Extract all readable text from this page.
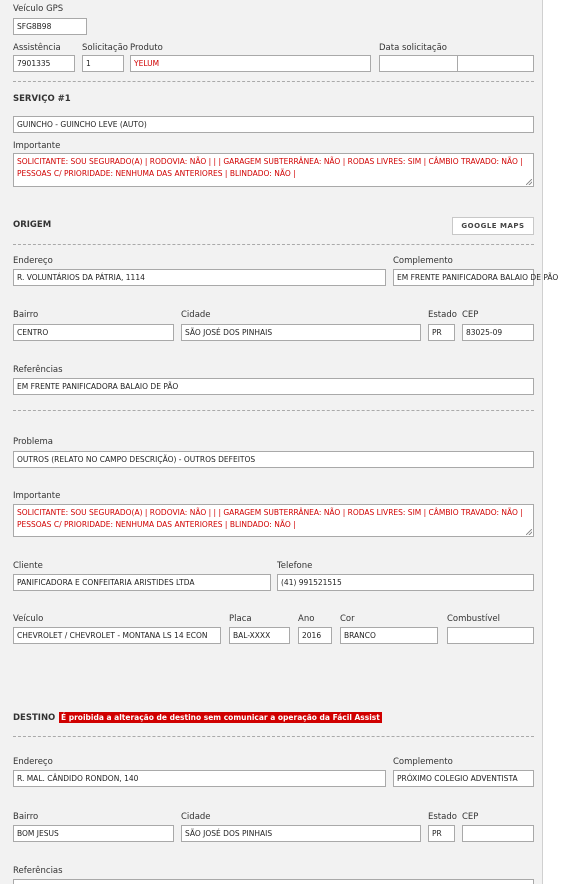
Veículo GPS
SFG8B98
Assistência
7901335
Solicitação
1
Produto
YELUM
Data solicitação
SERVIÇO #1
GUINCHO - GUINCHO LEVE (AUTO)
Importante
SOLICITANTE: SOU SEGURADO(A) | RODOVIA: NÃO | | | GARAGEM SUBTERRÂNEA: NÃO | RODAS LIVRES: SIM | CÂMBIO TRAVADO: NÃO |
PESSOAS C/ PRIORIDADE: NENHUMA DAS ANTERIORES | BLINDADO: NÃO |
ORIGEM	GOOGLE MAPS
Endereço
R. VOLUNTÁRIOS DA PÁTRIA, 1114
Complemento
EM FRENTE PANIFICADORA BALAIO DE PÃO
Bairro
CENTRO
Cidade
SÃO JOSÉ DOS PINHAIS
Estado
PR
CEP
83025-09
Referências
EM FRENTE PANIFICADORA BALAIO DE PÃO
Problema
OUTROS (RELATO NO CAMPO DESCRIÇÃO) - OUTROS DEFEITOS
Importante
SOLICITANTE: SOU SEGURADO(A) | RODOVIA: NÃO | | | GARAGEM SUBTERRÂNEA: NÃO | RODAS LIVRES: SIM | CÂMBIO TRAVADO: NÃO |
PESSOAS C/ PRIORIDADE: NENHUMA DAS ANTERIORES | BLINDADO: NÃO |
Cliente
PANIFICADORA E CONFEITARIA ARISTIDES LTDA
Telefone
(41) 991521515
Veículo
CHEVROLET / CHEVROLET - MONTANA LS 14 ECON
Placa
BAL-XXXX
Ano
2016
Cor
BRANCO
Combustível
DESTINO É proibida a alteração de destino sem comunicar a operação da Fácil Assist
Endereço
R. MAL. CÂNDIDO RONDON, 140
Complemento
PRÓXIMO COLEGIO ADVENTISTA
Bairro
BOM JESUS
Cidade
SÃO JOSÉ DOS PINHAIS
Estado
PR
CEP
Referências
